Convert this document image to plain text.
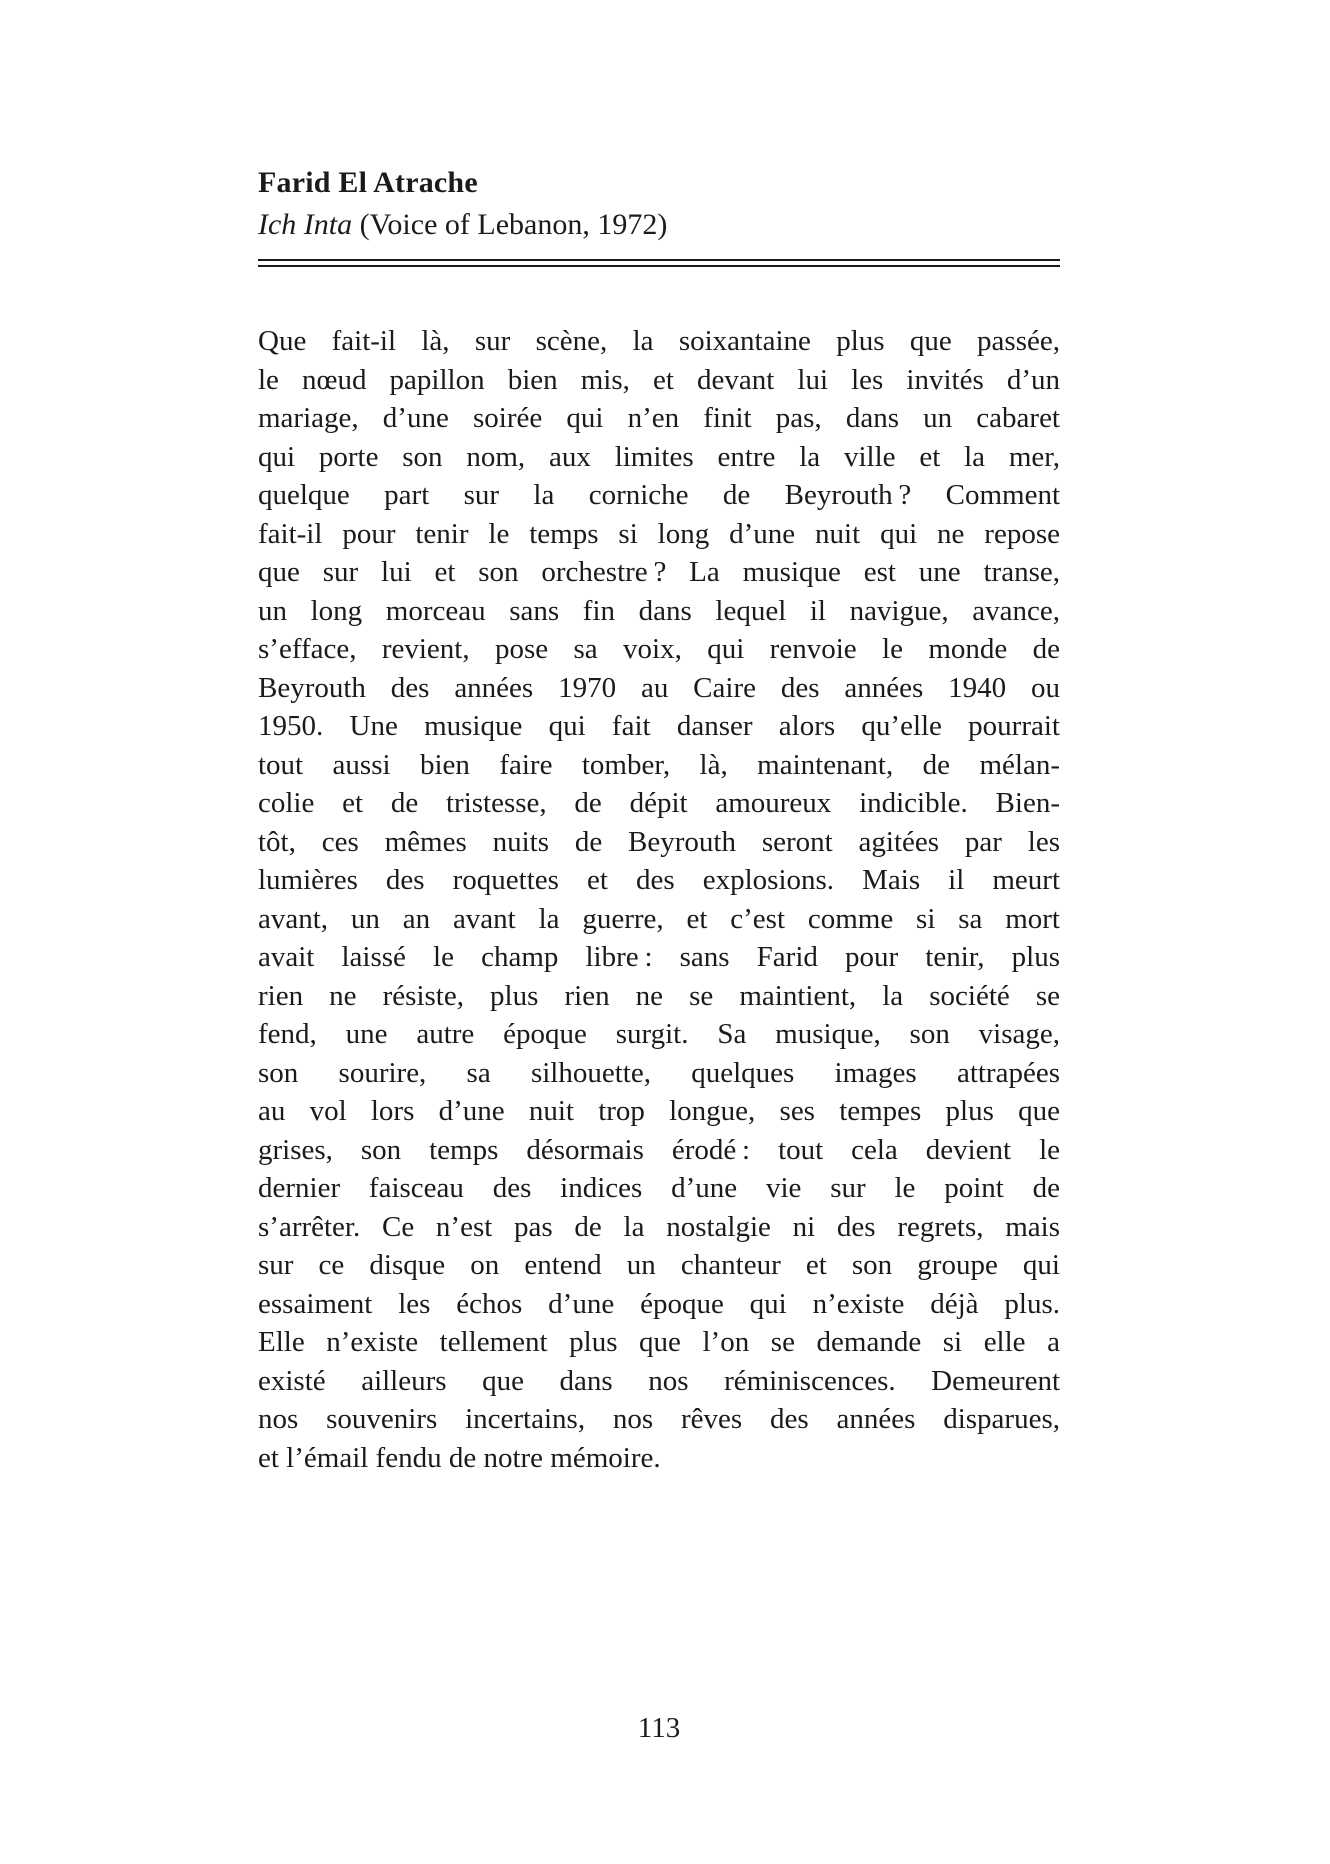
Farid El Atrache
Ich Inta (Voice of Lebanon, 1972)
Que fait-il là, sur scène, la soixantaine plus que passée,
le nœud papillon bien mis, et devant lui les invités d’un
mariage, d’une soirée qui n’en finit pas, dans un cabaret
qui porte son nom, aux limites entre la ville et la mer,
quelque part sur la corniche de Beyrouth ? Comment
fait-il pour tenir le temps si long d’une nuit qui ne repose
que sur lui et son orchestre ? La musique est une transe,
un long morceau sans fin dans lequel il navigue, avance,
s’efface, revient, pose sa voix, qui renvoie le monde de
Beyrouth des années 1970 au Caire des années 1940 ou
1950. Une musique qui fait danser alors qu’elle pourrait
tout aussi bien faire tomber, là, maintenant, de mélan-
colie et de tristesse, de dépit amoureux indicible. Bien-
tôt, ces mêmes nuits de Beyrouth seront agitées par les
lumières des roquettes et des explosions. Mais il meurt
avant, un an avant la guerre, et c’est comme si sa mort
avait laissé le champ libre : sans Farid pour tenir, plus
rien ne résiste, plus rien ne se maintient, la société se
fend, une autre époque surgit. Sa musique, son visage,
son sourire, sa silhouette, quelques images attrapées
au vol lors d’une nuit trop longue, ses tempes plus que
grises, son temps désormais érodé : tout cela devient le
dernier faisceau des indices d’une vie sur le point de
s’arrêter. Ce n’est pas de la nostalgie ni des regrets, mais
sur ce disque on entend un chanteur et son groupe qui
essaiment les échos d’une époque qui n’existe déjà plus.
Elle n’existe tellement plus que l’on se demande si elle a
existé ailleurs que dans nos réminiscences. Demeurent
nos souvenirs incertains, nos rêves des années disparues,
et l’émail fendu de notre mémoire.
113
